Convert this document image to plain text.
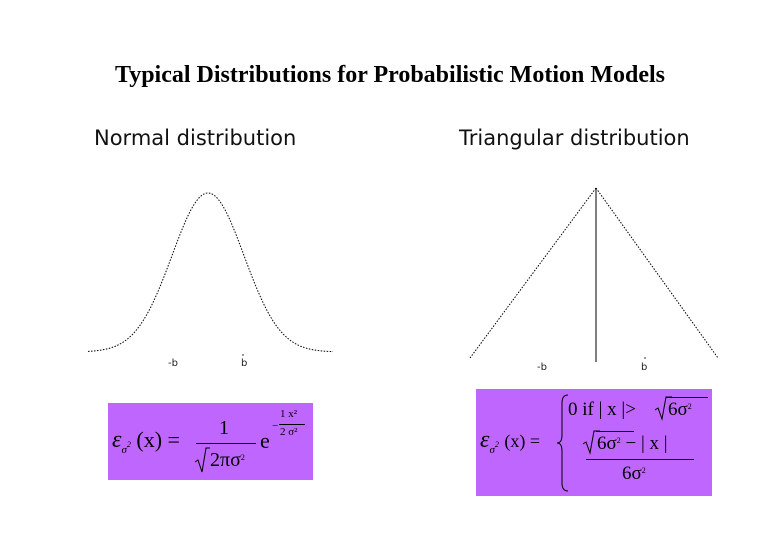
Typical Distributions for Probabilistic Motion Models
Normal distribution	Triangular distribution
-b	b	-b	b
$\varepsilon_{\sigma^2}$ (x) = 1
$2\pi\sigma^2$
e
−
1 x²
2 σ²	$\varepsilon_{\sigma^2}$ (x) =
0 if | x |> $6\sigma^2$
$6\sigma^2$ − | x |
$6\sigma^2$
